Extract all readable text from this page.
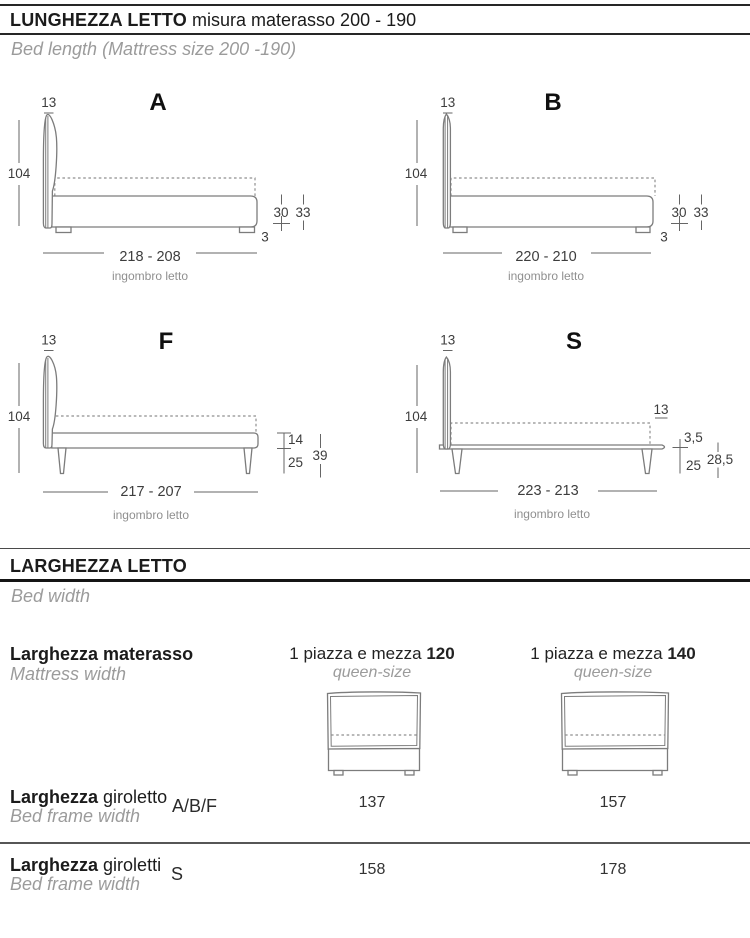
LUNGHEZZA LETTO misura materasso 200 - 190
Bed length (Mattress size 200 -190)
A
13
104
30 33
3
218 - 208
ingombro letto
B
13
104
30 33
3
220 - 210
ingombro letto
F
13
104
14
25 39
217 - 207
ingombro letto
S
13
104	13
3,5
25 28,5
223 - 213
ingombro letto
LARGHEZZA LETTO
Bed width
Larghezza materasso
Mattress width
1 piazza e mezza 120
queen-size
1 piazza e mezza 140
queen-size
Larghezza giroletto A/B/F
Bed frame width
137	157
Larghezza giroletti S
Bed frame width
158	178
